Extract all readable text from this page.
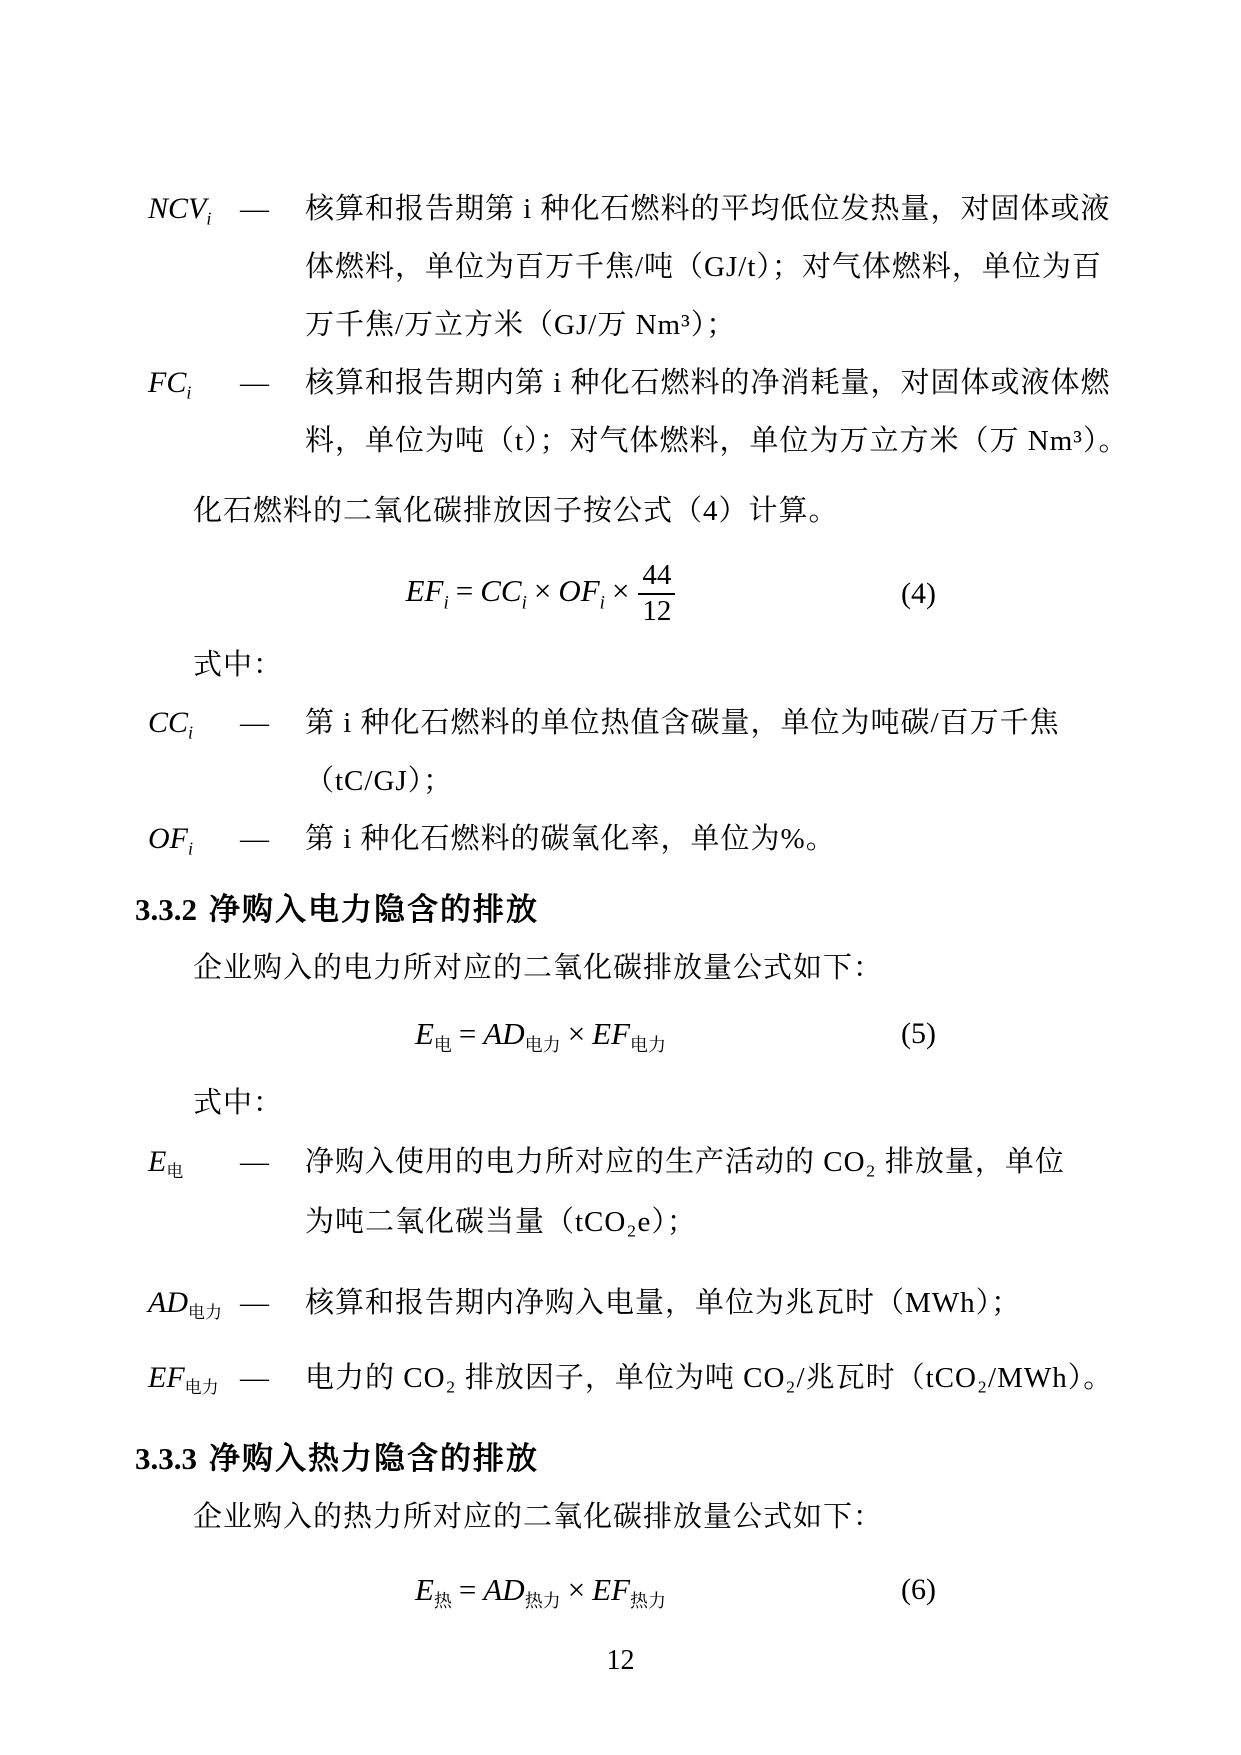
$NCV_i$ —	核算和报告期第 i 种化石燃料的平均低位发热量，对固体或液 体燃料，单位为百万千焦/吨（GJ/t）；对气体燃料，单位为百 万千焦/万立方米（GJ/万 Nm³）；
$FC_i$	—	核算和报告期内第 i 种化石燃料的净消耗量，对固体或液体燃 料，单位为吨（t）；对气体燃料，单位为万立方米（万 Nm³）。
化石燃料的二氧化碳排放因子按公式（4）计算。
$EF_i = CC_i \times OF_i \times \frac{44}{12}$	(4)
式中：
$CC_i$	—	第 i 种化石燃料的单位热值含碳量，单位为吨碳/百万千焦 （tC/GJ）；
$OF_i$	—	第 i 种化石燃料的碳氧化率，单位为%。
3.3.2 净购入电力隐含的排放
企业购入的电力所对应的二氧化碳排放量公式如下：
$E_电 = AD_{电力} \times EF_{电力}$	(5)
式中：
$E_电$	—	净购入使用的电力所对应的生产活动的 CO₂ 排放量，单位 为吨二氧化碳当量（tCO₂e）；
$AD_{电力}$ —	核算和报告期内净购入电量，单位为兆瓦时（MWh）；
$EF_{电力}$ —	电力的 CO₂ 排放因子，单位为吨 CO₂/兆瓦时（tCO₂/MWh）。
3.3.3 净购入热力隐含的排放
企业购入的热力所对应的二氧化碳排放量公式如下：
$E_热 = AD_{热力} \times EF_{热力}$	(6)
12
